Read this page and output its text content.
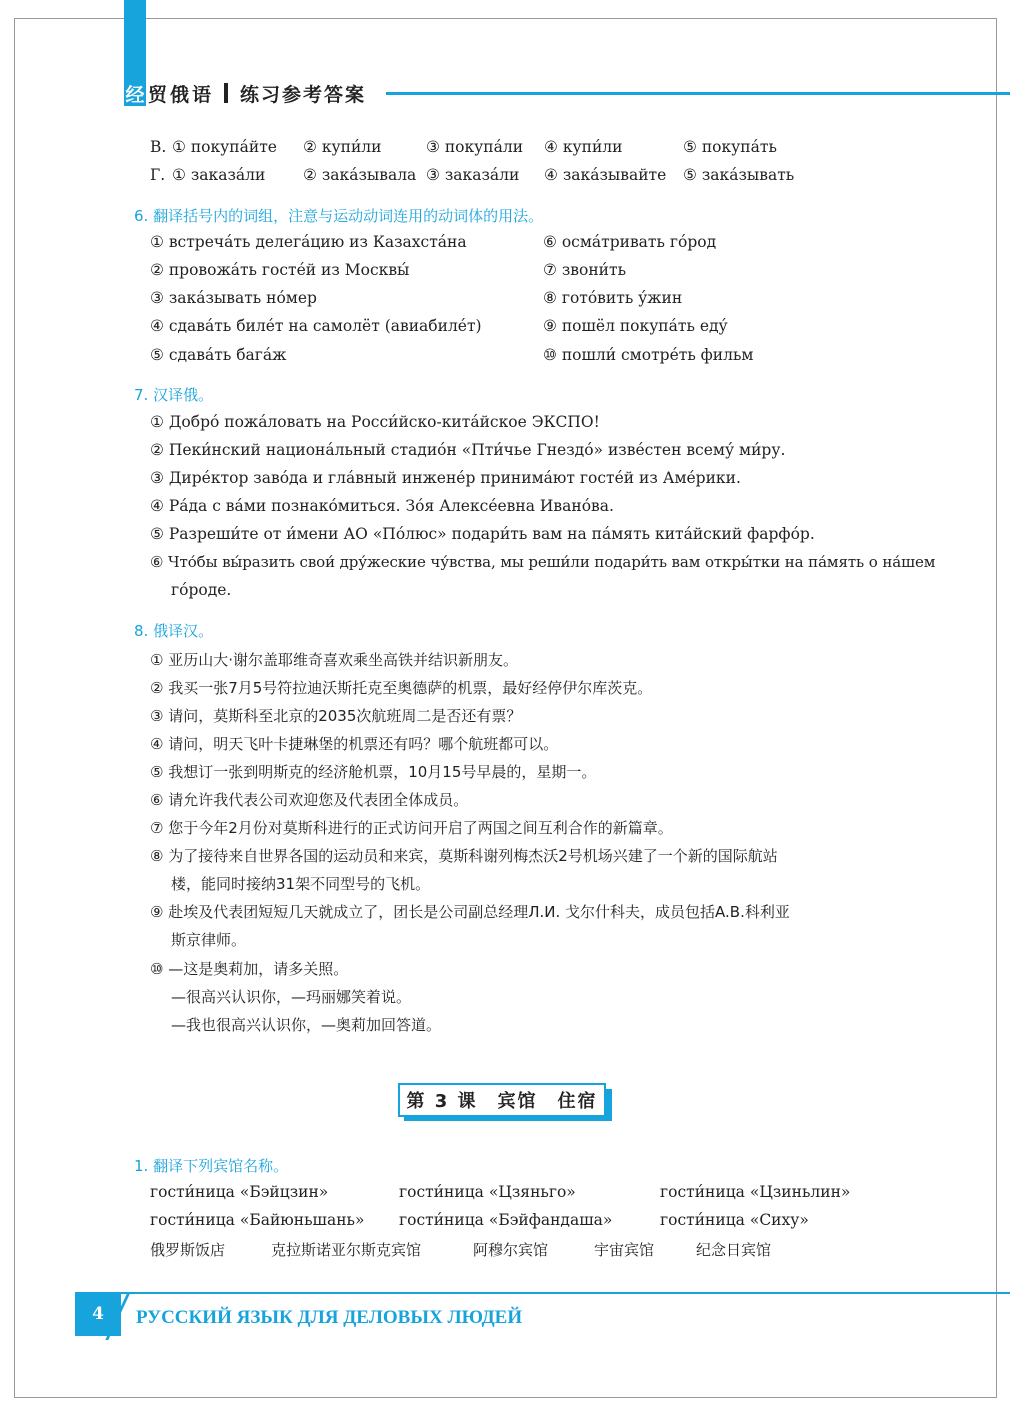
经 贸俄语 练习参考答案
В. ① покупа́йте ② купи́ли	③ покупа́ли ④ купи́ли	⑤ покупа́ть
Г. ① заказа́ли ② зака́зывала ③ заказа́ли ④ зака́зывайте ⑤ зака́зывать
6. 翻译括号内的词组，注意与运动动词连用的动词体的用法。
① встреча́ть делега́цию из Казахста́на
② провожа́ть госте́й из Москвы́
③ зака́зывать но́мер
④ сдава́ть биле́т на самолёт (авиабиле́т)
⑤ сдава́ть бага́ж
⑥ осма́тривать го́род
⑦ звони́ть
⑧ гото́вить у́жин
⑨ пошёл покупа́ть еду́
⑩ пошли́ смотре́ть фильм
7. 汉译俄。
① Добро́ пожа́ловать на Росси́йско-кита́йское ЭКСПО!
② Пеки́нский национа́льный стадио́н «Пти́чье Гнездо́» изве́стен всему́ ми́ру.
③ Дире́ктор заво́да и гла́вный инжене́р принима́ют госте́й из Аме́рики.
④ Ра́да с ва́ми познако́миться. Зо́я Алексе́евна Ивано́ва.
⑤ Разреши́те от и́мени АО «По́люс» подари́ть вам на па́мять кита́йский фарфо́р.
⑥ Что́бы вы́разить свои́ дру́жеские чу́вства, мы реши́ли подари́ть вам откры́тки на па́мять о на́шем
го́роде.
8. 俄译汉。
① 亚历山大·谢尔盖耶维奇喜欢乘坐高铁并结识新朋友。
② 我买一张7月5号符拉迪沃斯托克至奥德萨的机票，最好经停伊尔库茨克。
③ 请问，莫斯科至北京的2035次航班周二是否还有票？
④ 请问，明天飞叶卡捷琳堡的机票还有吗？哪个航班都可以。
⑤ 我想订一张到明斯克的经济舱机票，10月15号早晨的，星期一。
⑥ 请允许我代表公司欢迎您及代表团全体成员。
⑦ 您于今年2月份对莫斯科进行的正式访问开启了两国之间互利合作的新篇章。
⑧ 为了接待来自世界各国的运动员和来宾，莫斯科谢列梅杰沃2号机场兴建了一个新的国际航站
楼，能同时接纳31架不同型号的飞机。
⑨ 赴埃及代表团短短几天就成立了，团长是公司副总经理Л.И. 戈尔什科夫，成员包括A.B.科利亚
斯京律师。
⑩ —这是奥莉加，请多关照。
—很高兴认识你，—玛丽娜笑着说。
—我也很高兴认识你，—奥莉加回答道。
1. 翻译下列宾馆名称。
гости́ница «Бэйцзин»	гости́ница «Цзяньго»	гости́ница «Цзиньлин»
гости́ница «Байюньшань» гости́ница «Бэйфандаша»	гости́ница «Сиху»
俄罗斯饭店	克拉斯诺亚尔斯克宾馆	阿穆尔宾馆	宇宙宾馆	纪念日宾馆
第 3 课　宾馆　住宿
4	РУССКИЙ ЯЗЫК ДЛЯ ДЕЛОВЫХ ЛЮДЕЙ
